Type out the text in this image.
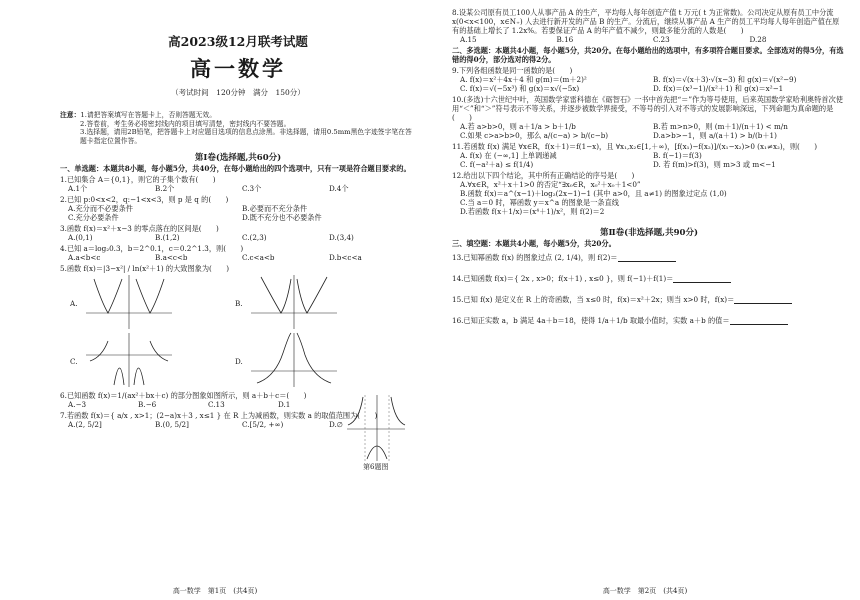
高2023级12月联考试题
高一数学
（考试时间　120分钟　满分　150分）
注意：1.请把答案填写在答题卡上，否则答题无效。
2.答卷前，考生务必将密封线内的项目填写清楚，密封线内不要答题。
3.选择题，请用2B铅笔，把答题卡上对应题目选项的信息点涂黑。非选择题，请用0.5mm黑色字迹签字笔在答题卡指定位置作答。
第Ⅰ卷(选择题,共60分)
一、单选题：本题共8小题，每小题5分，共40分，在每小题给出的四个选项中，只有一项是符合题目要求的。
1.已知集合 A＝{0,1}，则它的子集个数有(　　)
A.1个	B.2个	C.3个	D.4个
2.已知 p:0<x<2，q:−1<x<3，则 p 是 q 的(　　)
A.充分而不必要条件	B.必要而不充分条件
C.充分必要条件	D.既不充分也不必要条件
3.函数 f(x)＝x²＋x−3 的零点落在的区间是(　　)
A.(0,1)	B.(1,2)	C.(2,3)	D.(3,4)
4.已知 a＝log₂0.3，b＝2^0.1，c＝0.2^1.3，则(　　)
A.a<b<c	B.a<c<b	C.c<a<b	D.b<c<a
5.函数 f(x)＝|3−x²| / ln(x²＋1) 的大致图象为(　　)
A.	B.
C.	D.
6.已知函数 f(x)＝1/(ax²＋bx＋c) 的部分图象如图所示，则 a＋b＋c＝(　　)
A.−3	B.−6	C.13	D.1
7.若函数 f(x)＝{ a/x , x>1；(2−a)x＋3 , x≤1 } 在 R 上为减函数，则实数 a 的取值范围为(　　)
A.(2, 5/2]	B.(0, 5/2]	C.[5/2, +∞)	D.∅
第6题图
高一数学　第1页　(共4页)
8.设某公司原有员工100人从事产品 A 的生产，平均每人每年创造产值 t 万元( t 为正常数)。公司决定从原有员工中分流 x(0<x<100，x∈N₊) 人去进行新开发的产品 B 的生产。分流后，继续从事产品 A 生产的员工平均每人每年创造产值在原有的基础上增长了 1.2x%。若要保证产品 A 的年产值不减少，则最多能分流的人数是(　　)
A.15	B.16	C.23	D.28
二、多选题：本题共4小题，每小题5分，共20分。在每小题给出的选项中，有多项符合题目要求。全部选对的得5分，有选错的得0分，部分选对的得2分。
9.下列各组函数是同一函数的是(　　)
A. f(x)＝x²＋4x＋4 和 g(m)＝(m＋2)²	B. f(x)＝√(x＋3)·√(x−3) 和 g(x)＝√(x²−9)
C. f(x)＝√(−5x³) 和 g(x)＝x√(−5x)	D. f(x)＝(x³−1)/(x²＋1) 和 g(x)＝x²−1
10.(多选)十六世纪中叶，英国数学家雷科德在《砺智石》一书中首先把“＝”作为等号使用，后来英国数学家哈利奥特首次使用“＜”和“＞”符号表示不等关系，并逐步被数学界接受，不等号的引入对不等式的发展影响深远，下列命题为真命题的是(　　)
A.若 a>b>0，则 a＋1/a > b＋1/b	B.若 m>n>0，则 (m＋1)/(n＋1) < m/n
C.如果 c>a>b>0，那么 a/(c−a) > b/(c−b)	D.a>b>−1，则 a/(a＋1) > b/(b＋1)
11.若函数 f(x) 满足 ∀x∈R，f(x＋1)＝f(1−x)，且 ∀x₁,x₂∈[1,＋∞)，[f(x₁)−f(x₂)]/(x₁−x₂)>0 (x₁≠x₂)，则(　　)
A. f(x) 在 (−∞,1] 上单调递减	B. f(−1)＝f(3)
C. f(−a²＋a) ≤ f(1/4)	D. 若 f(m)>f(3)，则 m>3 或 m<−1
12.给出以下四个结论，其中所有正确结论的序号是(　　)
A.∀x∈R，x²＋x＋1>0 的否定“∃x₀∈R，x₀²＋x₀＋1<0”
B.函数 f(x)＝a^(x−1)＋log₂(2x−1)−1 (其中 a>0，且 a≠1) 的图象过定点 (1,0)
C.当 a＝0 时，幂函数 y＝x^a 的图象是一条直线
D.若函数 f(x＋1/x)＝(x⁴＋1)/x²，则 f(2)＝2
第Ⅱ卷(非选择题,共90分)
三、填空题：本题共4小题，每小题5分，共20分。
13.已知幂函数 f(x) 的图象过点 (2, 1/4)，则 f(2)＝
14.已知函数 f(x)＝{ 2x , x>0；f(x＋1) , x≤0 }，则 f(−1)＋f(1)＝
15.已知 f(x) 是定义在 R 上的奇函数，当 x≤0 时，f(x)＝x²＋2x；则当 x>0 时，f(x)＝
16.已知正实数 a，b 满足 4a＋b＝18，使得 1/a＋1/b 取最小值时，实数 a＋b 的值＝
高一数学　第2页　(共4页)
